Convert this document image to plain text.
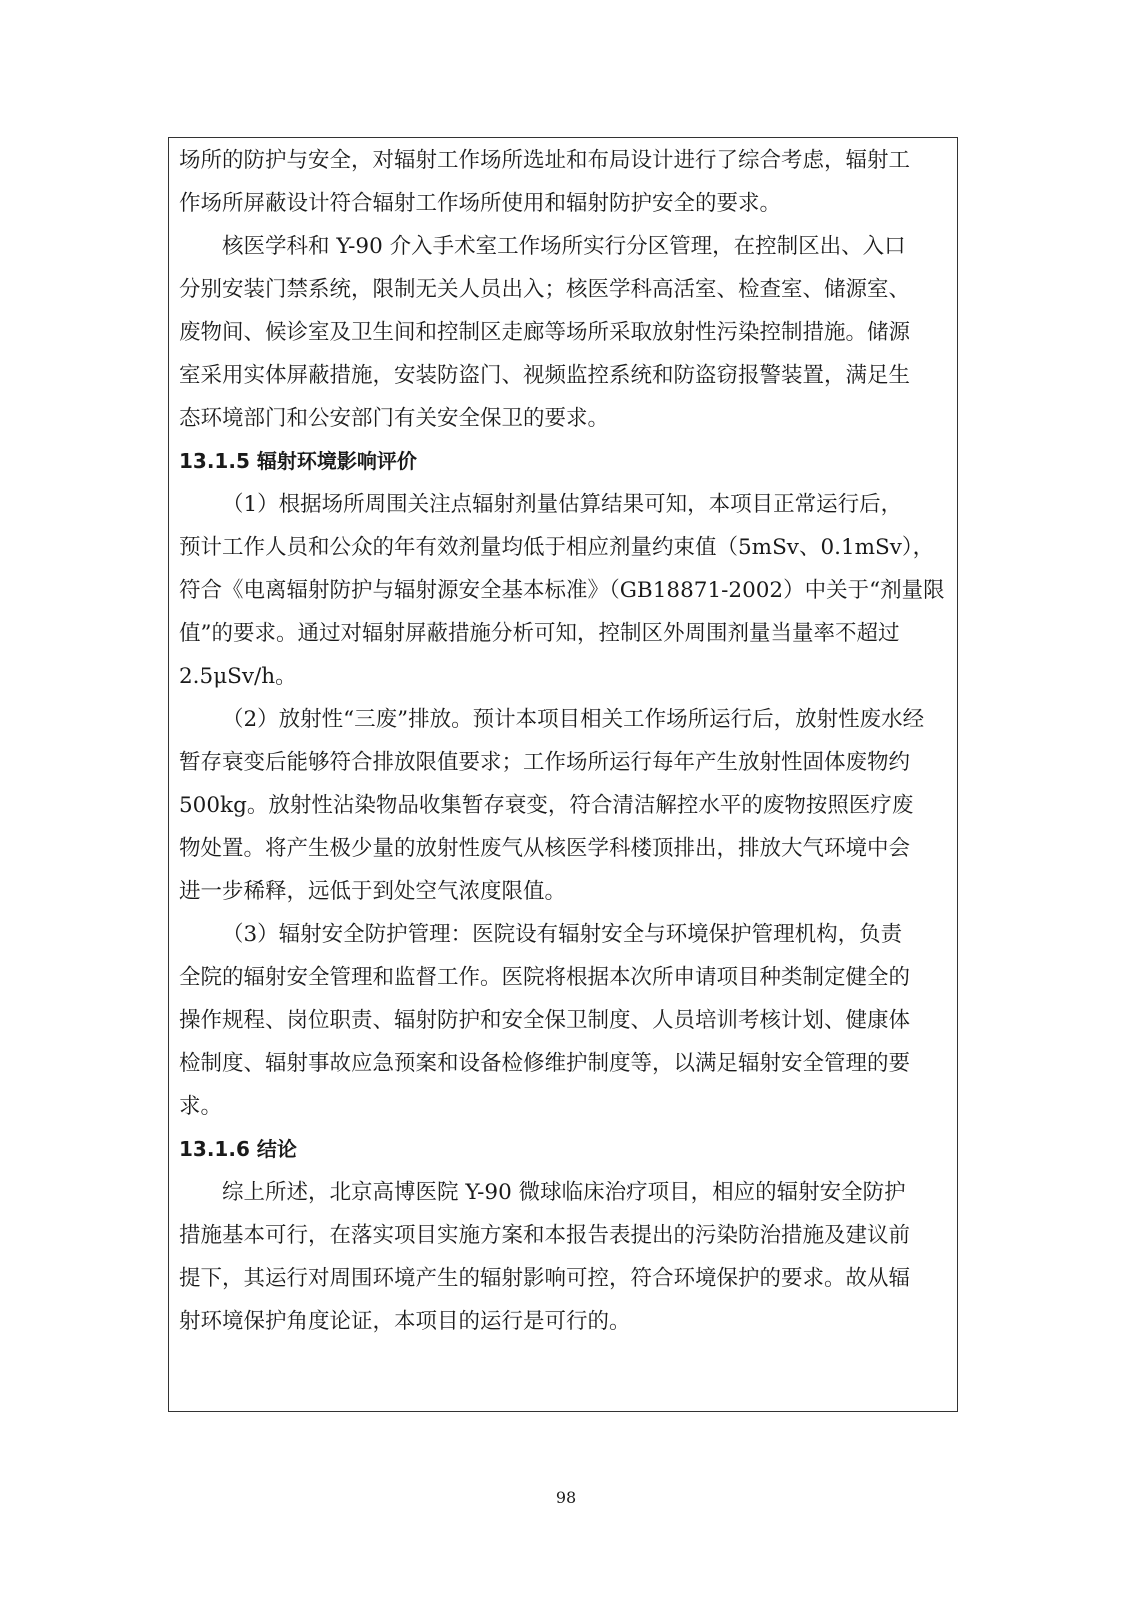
场所的防护与安全，对辐射工作场所选址和布局设计进行了综合考虑，辐射工
作场所屏蔽设计符合辐射工作场所使用和辐射防护安全的要求。
核医学科和 Y-90 介入手术室工作场所实行分区管理，在控制区出、入口
分别安装门禁系统，限制无关人员出入；核医学科高活室、检查室、储源室、
废物间、候诊室及卫生间和控制区走廊等场所采取放射性污染控制措施。储源
室采用实体屏蔽措施，安装防盗门、视频监控系统和防盗窃报警装置，满足生
态环境部门和公安部门有关安全保卫的要求。
13.1.5 辐射环境影响评价
（1）根据场所周围关注点辐射剂量估算结果可知，本项目正常运行后，
预计工作人员和公众的年有效剂量均低于相应剂量约束值（5mSv、0.1mSv），
符合《电离辐射防护与辐射源安全基本标准》（GB18871-2002）中关于“剂量限
值”的要求。通过对辐射屏蔽措施分析可知，控制区外周围剂量当量率不超过
2.5μSv/h。
（2）放射性“三废”排放。预计本项目相关工作场所运行后，放射性废水经
暂存衰变后能够符合排放限值要求；工作场所运行每年产生放射性固体废物约
500kg。放射性沾染物品收集暂存衰变，符合清洁解控水平的废物按照医疗废
物处置。将产生极少量的放射性废气从核医学科楼顶排出，排放大气环境中会
进一步稀释，远低于到处空气浓度限值。
（3）辐射安全防护管理：医院设有辐射安全与环境保护管理机构，负责
全院的辐射安全管理和监督工作。医院将根据本次所申请项目种类制定健全的
操作规程、岗位职责、辐射防护和安全保卫制度、人员培训考核计划、健康体
检制度、辐射事故应急预案和设备检修维护制度等，以满足辐射安全管理的要
求。
13.1.6 结论
综上所述，北京高博医院 Y-90 微球临床治疗项目，相应的辐射安全防护
措施基本可行，在落实项目实施方案和本报告表提出的污染防治措施及建议前
提下，其运行对周围环境产生的辐射影响可控，符合环境保护的要求。故从辐
射环境保护角度论证，本项目的运行是可行的。
98
